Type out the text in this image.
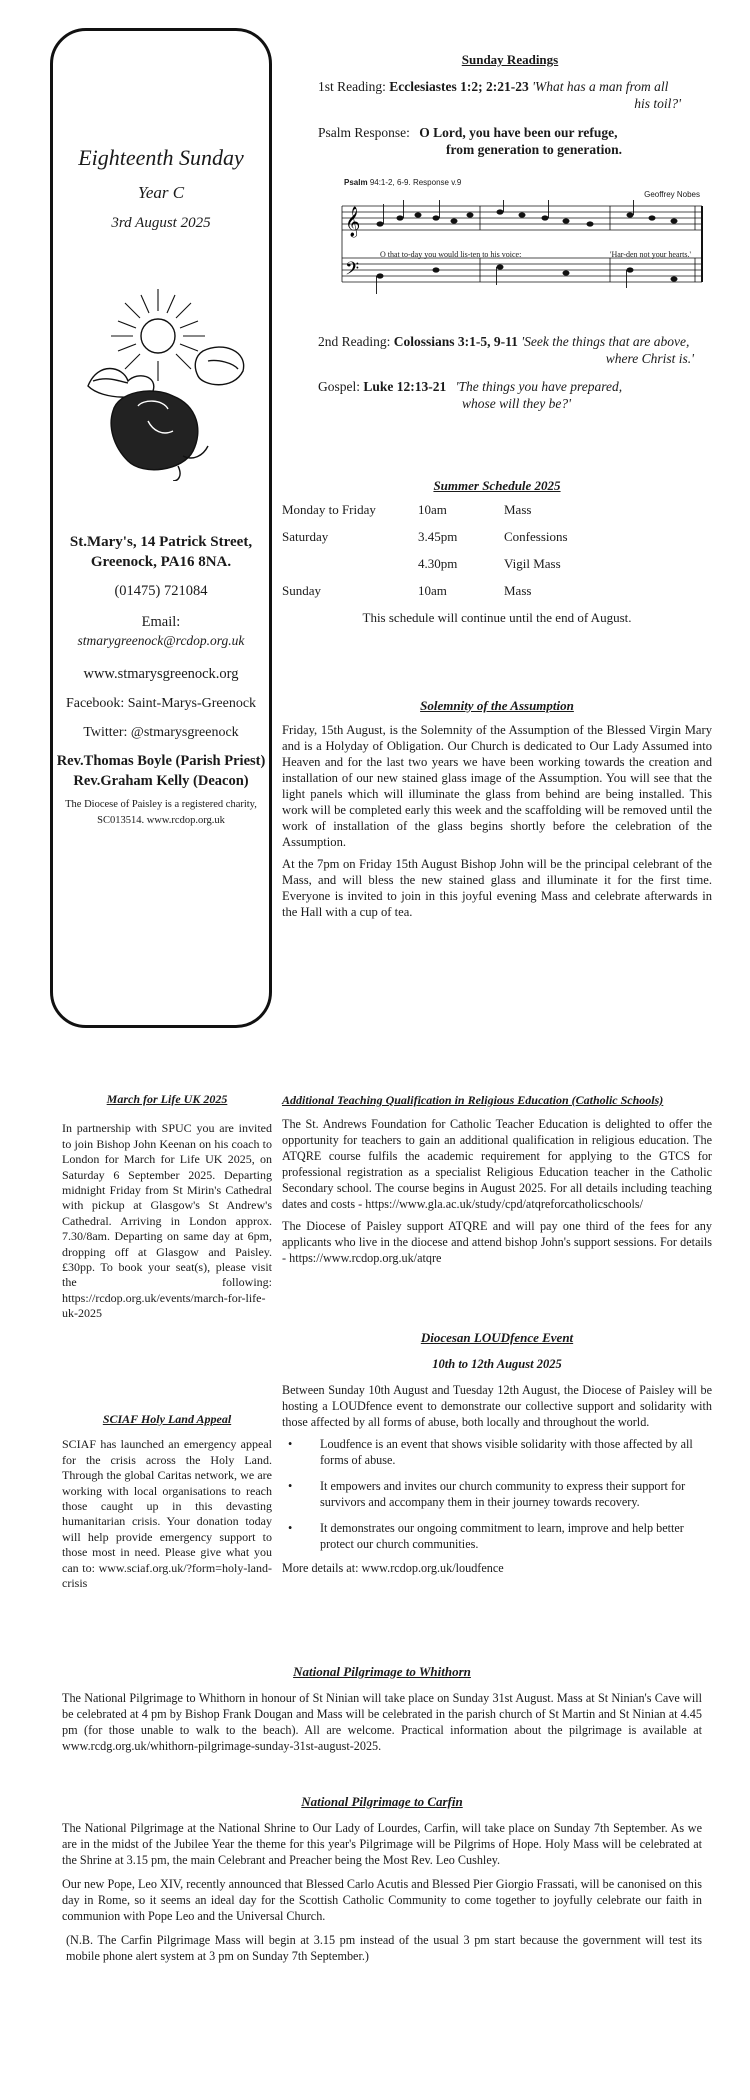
Eighteenth Sunday
Year C
3rd August 2025
St.Mary's, 14 Patrick Street,
Greenock, PA16 8NA.
(01475) 721084
Email:
stmarygreenock@rcdop.org.uk
www.stmarysgreenock.org
Facebook: Saint-Marys-Greenock
Twitter: @stmarysgreenock
Rev.Thomas Boyle (Parish Priest)
Rev.Graham Kelly (Deacon)
The Diocese of Paisley is a registered charity,
SC013514. www.rcdop.org.uk
Sunday Readings
1st Reading: Ecclesiastes 1:2; 2:21-23 'What has a man from all
his toil?'
Psalm Response: O Lord, you have been our refuge,
from generation to generation.
Psalm 94:1-2, 6-9. Response v.9
Geoffrey Nobes
𝄞
𝄢
O that to-day you would lis-ten to his voice:	'Har-den not your hearts.'
2nd Reading: Colossians 3:1-5, 9-11 'Seek the things that are above,
where Christ is.'
Gospel: Luke 12:13-21 'The things you have prepared,
whose will they be?'
Summer Schedule 2025
Monday to Friday	10am	Mass
Saturday	3.45pm	Confessions
	4.30pm	Vigil Mass
Sunday	10am	Mass
This schedule will continue until the end of August.
Solemnity of the Assumption

Friday, 15th August, is the Solemnity of the Assumption of the Blessed Virgin Mary and is a Holyday of Obligation. Our Church is dedicated to Our Lady Assumed into Heaven and for the last two years we have been working towards the creation and installation of our new stained glass image of the Assumption. You will see that the light panels which will illuminate the glass from behind are being installed. This work will be completed early this week and the scaffolding will be removed until the work of installation of the glass begins shortly before the celebration of the Assumption.

At the 7pm on Friday 15th August Bishop John will be the principal celebrant of the Mass, and will bless the new stained glass and illuminate it for the first time. Everyone is invited to join in this joyful evening Mass and celebrate afterwards in the Hall with a cup of tea.

March for Life UK 2025

In partnership with SPUC you are invited to join Bishop John Keenan on his coach to London for March for Life UK 2025, on Saturday 6 September 2025. Departing midnight Friday from St Mirin's Cathedral with pickup at Glasgow's St Andrew's Cathedral. Arriving in London approx. 7.30/8am. Departing on same day at 6pm, dropping off at Glasgow and Paisley. £30pp. To book your seat(s), please visit the following: https://rcdop.org.uk/events/march-for-life-uk-2025

SCIAF Holy Land Appeal

SCIAF has launched an emergency appeal for the crisis across the Holy Land. Through the global Caritas network, we are working with local organisations to reach those caught up in this devasting humanitarian crisis. Your donation today will help provide emergency support to those most in need. Please give what you can to: www.sciaf.org.uk/?form=holy-land-crisis

Additional Teaching Qualification in Religious Education (Catholic Schools)

The St. Andrews Foundation for Catholic Teacher Education is delighted to offer the opportunity for teachers to gain an additional qualification in religious education. The ATQRE course fulfils the academic requirement for applying to the GTCS for professional registration as a specialist Religious Education teacher in the Catholic Secondary school. The course begins in August 2025. For all details including teaching dates and costs - https://www.gla.ac.uk/study/cpd/atqreforcatholicschools/

The Diocese of Paisley support ATQRE and will pay one third of the fees for any applicants who live in the diocese and attend bishop John's support sessions. For details - https://www.rcdop.org.uk/atqre

Diocesan LOUDfence Event
10th to 12th August 2025

Between Sunday 10th August and Tuesday 12th August, the Diocese of Paisley will be hosting a LOUDfence event to demonstrate our collective support and solidarity with those affected by all forms of abuse, both locally and throughout the world.

• Loudfence is an event that shows visible solidarity with those affected by all forms of abuse.
• It empowers and invites our church community to express their support for survivors and accompany them in their journey towards recovery.
• It demonstrates our ongoing commitment to learn, improve and help better protect our church communities.

More details at: www.rcdop.org.uk/loudfence

National Pilgrimage to Whithorn

The National Pilgrimage to Whithorn in honour of St Ninian will take place on Sunday 31st August. Mass at St Ninian's Cave will be celebrated at 4 pm by Bishop Frank Dougan and Mass will be celebrated in the parish church of St Martin and St Ninian at 4.45 pm (for those unable to walk to the beach). All are welcome. Practical information about the pilgrimage is available at www.rcdg.org.uk/whithorn-pilgrimage-sunday-31st-august-2025.

National Pilgrimage to Carfin

The National Pilgrimage at the National Shrine to Our Lady of Lourdes, Carfin, will take place on Sunday 7th September. As we are in the midst of the Jubilee Year the theme for this year's Pilgrimage will be Pilgrims of Hope. Holy Mass will be celebrated at the Shrine at 3.15 pm, the main Celebrant and Preacher being the Most Rev. Leo Cushley.

Our new Pope, Leo XIV, recently announced that Blessed Carlo Acutis and Blessed Pier Giorgio Frassati, will be canonised on this day in Rome, so it seems an ideal day for the Scottish Catholic Community to come together to joyfully celebrate our faith in communion with Pope Leo and the Universal Church.

(N.B. The Carfin Pilgrimage Mass will begin at 3.15 pm instead of the usual 3 pm start because the government will test its mobile phone alert system at 3 pm on Sunday 7th September.)
